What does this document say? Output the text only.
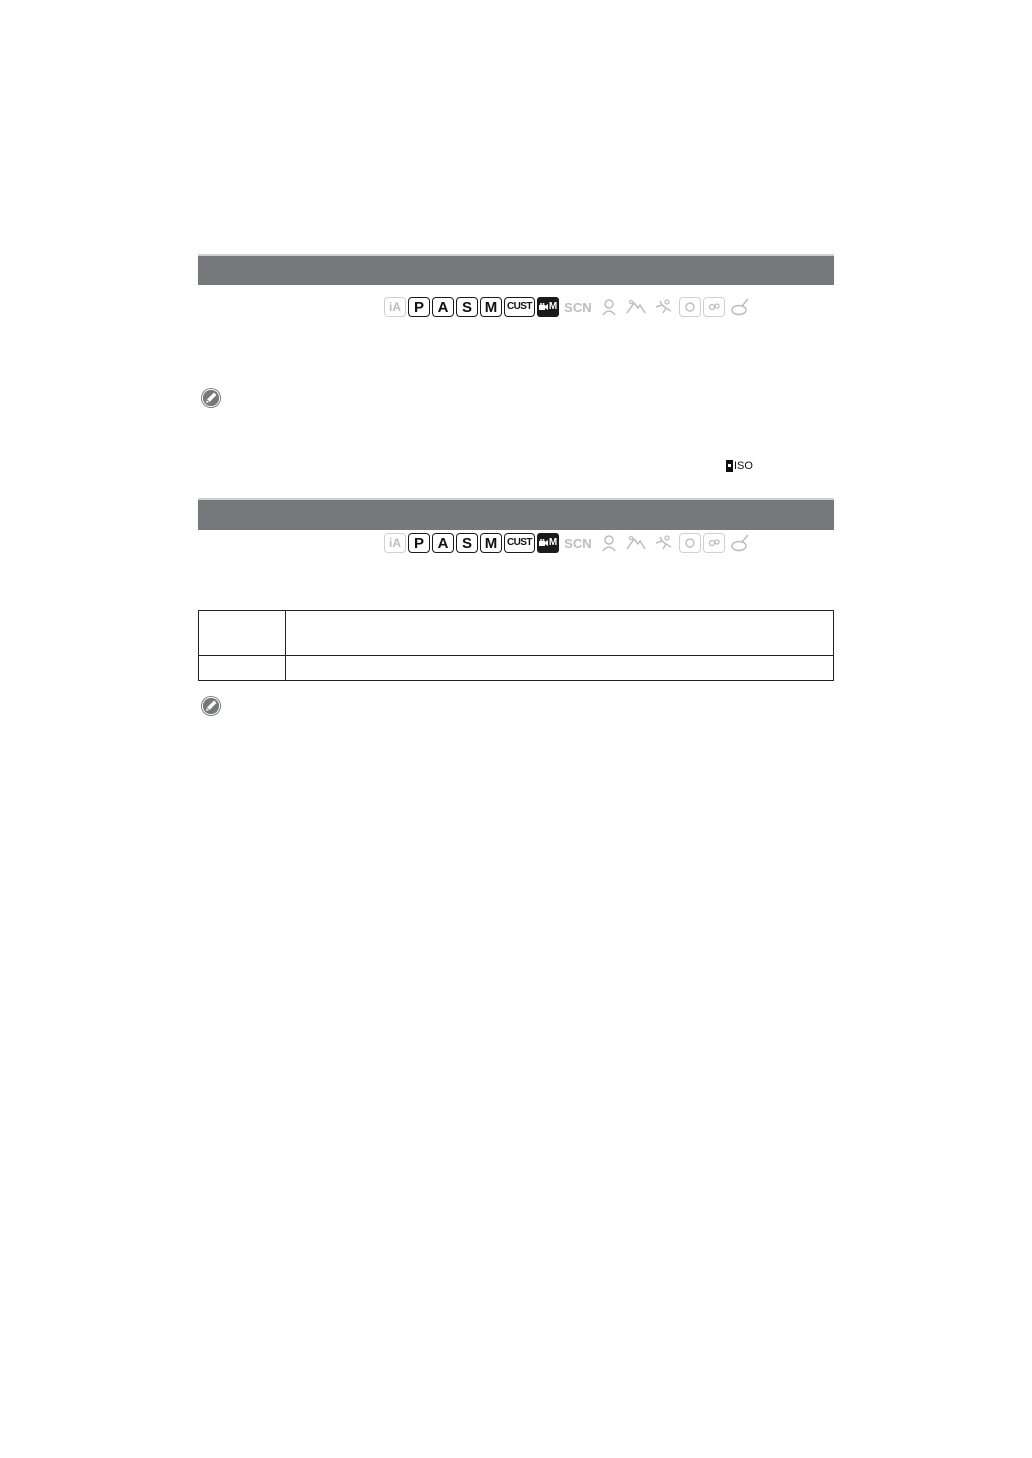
iA P A S M CUST	M SCN
ISO
iA P A S M CUST	M SCN
